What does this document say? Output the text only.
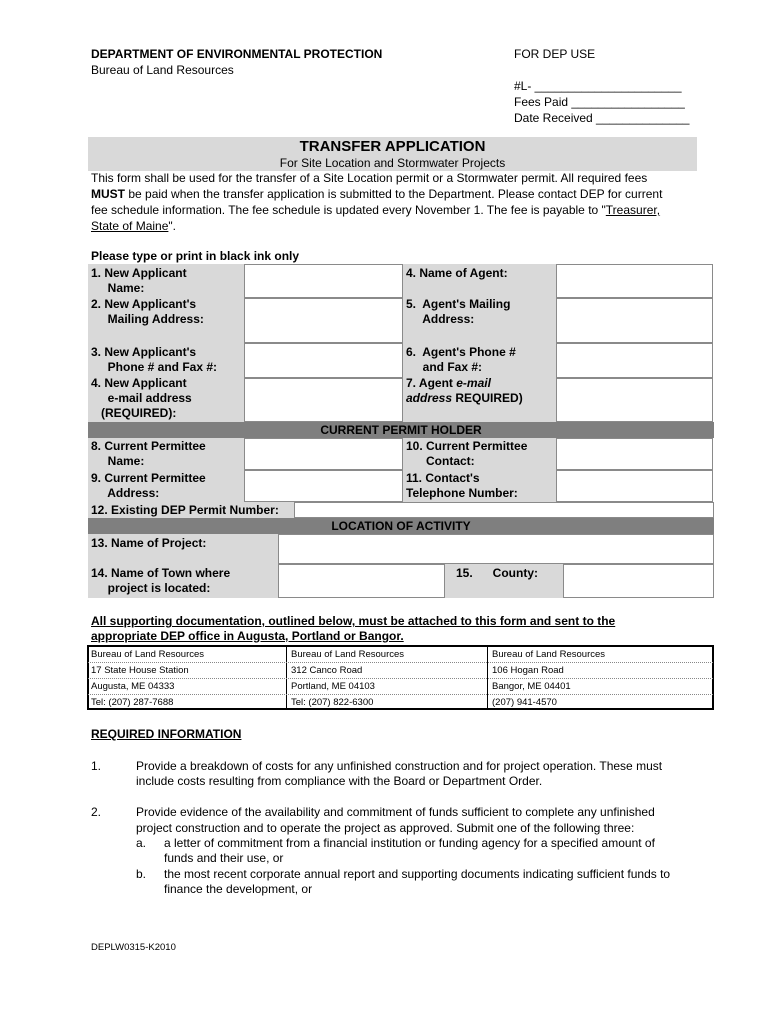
DEPARTMENT OF ENVIRONMENTAL PROTECTION
Bureau of Land Resources
FOR DEP USE
#L- ______________________
Fees Paid _________________
Date Received ______________
TRANSFER APPLICATION
For Site Location and Stormwater Projects
This form shall be used for the transfer of a Site Location permit or a Stormwater permit. All required fees
MUST be paid when the transfer application is submitted to the Department. Please contact DEP for current
fee schedule information. The fee schedule is updated every November 1. The fee is payable to "Treasurer,
State of Maine".
Please type or print in black ink only
1. New Applicant
Name:
2. New Applicant's
Mailing Address:
3. New Applicant's
Phone # and Fax #:
4. New Applicant
e-mail address
(REQUIRED):
4. Name of Agent:
5.  Agent's Mailing
Address:
6.  Agent's Phone #
and Fax #:
7. Agent e-mail
address REQUIRED)
CURRENT PERMIT HOLDER
8. Current Permittee
Name:
9. Current Permittee
Address:
10. Current Permittee
Contact:
11. Contact's
Telephone Number:
12. Existing DEP Permit Number:
LOCATION OF ACTIVITY
13. Name of Project:
14. Name of Town where
project is located:
15.      County:
All supporting documentation, outlined below, must be attached to this form and sent to the
appropriate DEP office in Augusta, Portland or Bangor.
Bureau of Land Resources
17 State House Station
Augusta, ME 04333
Tel: (207) 287-7688
Bureau of Land Resources
312 Canco Road
Portland, ME 04103
Tel: (207) 822-6300
Bureau of Land Resources
106 Hogan Road
Bangor, ME 04401
(207) 941-4570
REQUIRED INFORMATION
1.	Provide a breakdown of costs for any unfinished construction and for project operation. These must
include costs resulting from compliance with the Board or Department Order.
2.	Provide evidence of the availability and commitment of funds sufficient to complete any unfinished
project construction and to operate the project as approved. Submit one of the following three:
a. a letter of commitment from a financial institution or funding agency for a specified amount of
funds and their use, or
b. the most recent corporate annual report and supporting documents indicating sufficient funds to
finance the development, or
DEPLW0315-K2010
